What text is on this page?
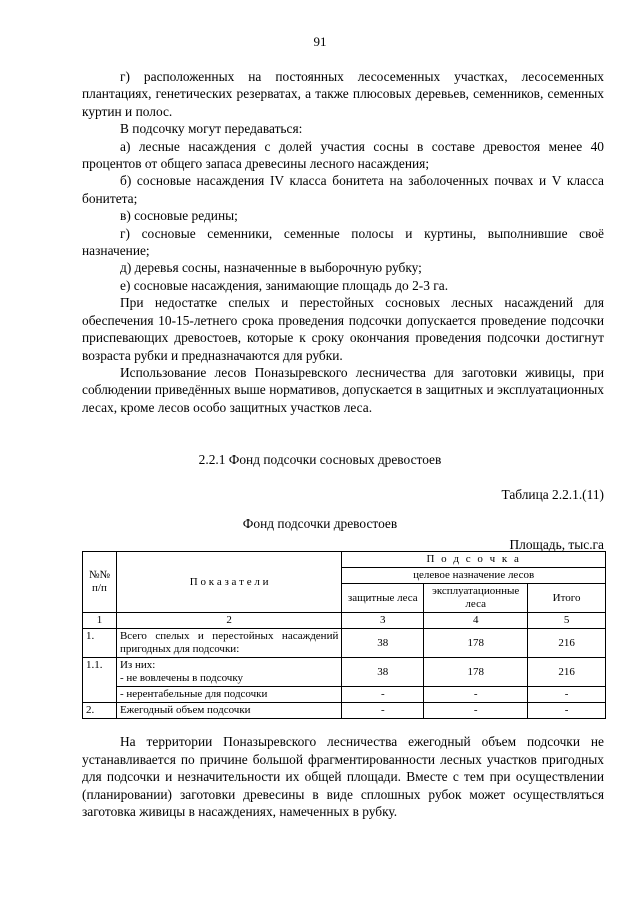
91

г) расположенных на постоянных лесосеменных участках, лесосеменных плантациях, генетических резерватах, а также плюсовых деревьев, семенников, семенных куртин и полос.

В подсочку могут передаваться:

а) лесные насаждения с долей участия сосны в составе древостоя менее 40 процентов от общего запаса древесины лесного насаждения;

б) сосновые насаждения IV класса бонитета на заболоченных почвах и V класса бонитета;

в) сосновые редины;

г) сосновые семенники, семенные полосы и куртины, выполнившие своё назначение;

д) деревья сосны, назначенные в выборочную рубку;

е) сосновые насаждения, занимающие площадь до 2-3 га.

При недостатке спелых и перестойных сосновых лесных насаждений для обеспечения 10-15-летнего срока проведения подсочки допускается проведение подсочки приспевающих древостоев, которые к сроку окончания проведения подсочки достигнут возраста рубки и предназначаются для рубки.

Использование лесов Поназыревского лесничества для заготовки живицы, при соблюдении приведённых выше нормативов, допускается в защитных и эксплуатационных лесах, кроме лесов особо защитных участков леса.

2.2.1 Фонд подсочки сосновых древостоев
Таблица 2.2.1.(11)
Фонд подсочки древостоев
Площадь, тыс.га
№№ п/п	П о к а з а т е л и	П о д с о ч к а		
		целевое назначение лесов		
		защитные леса	эксплуатационные леса	Итого
1	2	3	4	5
1.	Всего спелых и перестойных насаждений пригодных для подсочки:	38	178	216
1.1.	Из них:
- не вовлечены в подсочку	38	178	216
	- нерентабельные для подсочки	-	-	-
2.	Ежегодный объем подсочки	-	-	-

На территории Поназыревского лесничества ежегодный объем подсочки не устанавливается по причине большой фрагментированности лесных участков пригодных для подсочки и незначительности их общей площади. Вместе с тем при осуществлении (планировании) заготовки древесины в виде сплошных рубок может осуществляться заготовка живицы в насаждениях, намеченных в рубку.
